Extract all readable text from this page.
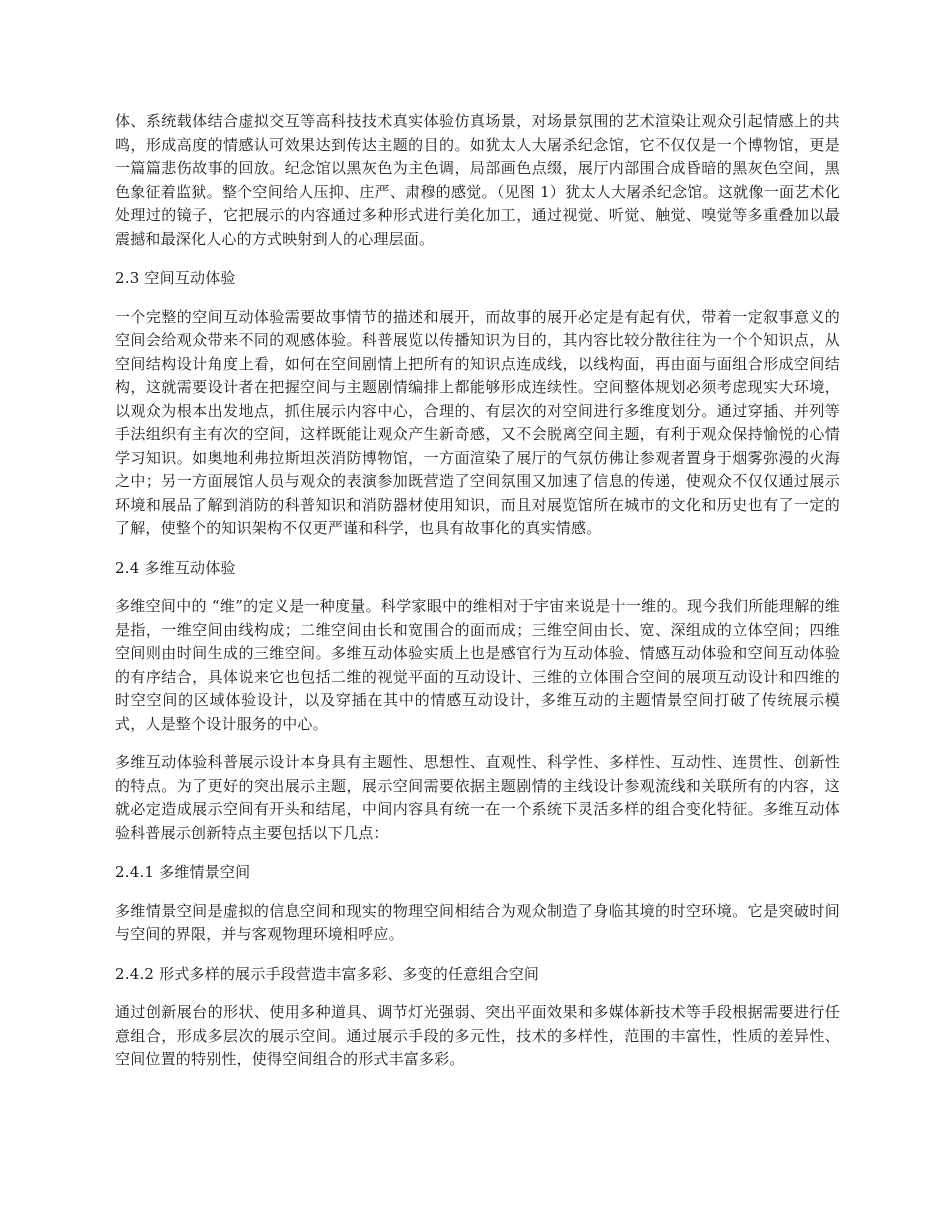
体、系统载体结合虚拟交互等高科技技术真实体验仿真场景，对场景氛围的艺术渲染让观众引起情感上的共鸣，形成高度的情感认可效果达到传达主题的目的。如犹太人大屠杀纪念馆，它不仅仅是一个博物馆，更是一篇篇悲伤故事的回放。纪念馆以黑灰色为主色调，局部画色点缀，展厅内部围合成昏暗的黑灰色空间，黑色象征着监狱。整个空间给人压抑、庄严、肃穆的感觉。（见图 1）犹太人大屠杀纪念馆。这就像一面艺术化处理过的镜子，它把展示的内容通过多种形式进行美化加工，通过视觉、听觉、触觉、嗅觉等多重叠加以最震撼和最深化人心的方式映射到人的心理层面。

2.3 空间互动体验

一个完整的空间互动体验需要故事情节的描述和展开，而故事的展开必定是有起有伏，带着一定叙事意义的空间会给观众带来不同的观感体验。科普展览以传播知识为目的，其内容比较分散往往为一个个知识点，从空间结构设计角度上看，如何在空间剧情上把所有的知识点连成线，以线构面，再由面与面组合形成空间结构，这就需要设计者在把握空间与主题剧情编排上都能够形成连续性。空间整体规划必须考虑现实大环境，以观众为根本出发地点，抓住展示内容中心，合理的、有层次的对空间进行多维度划分。通过穿插、并列等手法组织有主有次的空间，这样既能让观众产生新奇感，又不会脱离空间主题，有利于观众保持愉悦的心情学习知识。如奥地利弗拉斯坦茨消防博物馆，一方面渲染了展厅的气氛仿佛让参观者置身于烟雾弥漫的火海之中；另一方面展馆人员与观众的表演参加既营造了空间氛围又加速了信息的传递，使观众不仅仅通过展示环境和展品了解到消防的科普知识和消防器材使用知识，而且对展览馆所在城市的文化和历史也有了一定的了解，使整个的知识架构不仅更严谨和科学，也具有故事化的真实情感。

2.4 多维互动体验

多维空间中的 “维”的定义是一种度量。科学家眼中的维相对于宇宙来说是十一维的。现今我们所能理解的维是指，一维空间由线构成；二维空间由长和宽围合的面而成；三维空间由长、宽、深组成的立体空间；四维空间则由时间生成的三维空间。多维互动体验实质上也是感官行为互动体验、情感互动体验和空间互动体验的有序结合，具体说来它也包括二维的视觉平面的互动设计、三维的立体围合空间的展项互动设计和四维的时空空间的区域体验设计，以及穿插在其中的情感互动设计，多维互动的主题情景空间打破了传统展示模式，人是整个设计服务的中心。

多维互动体验科普展示设计本身具有主题性、思想性、直观性、科学性、多样性、互动性、连贯性、创新性的特点。为了更好的突出展示主题，展示空间需要依据主题剧情的主线设计参观流线和关联所有的内容，这就必定造成展示空间有开头和结尾，中间内容具有统一在一个系统下灵活多样的组合变化特征。多维互动体验科普展示创新特点主要包括以下几点：

2.4.1 多维情景空间

多维情景空间是虚拟的信息空间和现实的物理空间相结合为观众制造了身临其境的时空环境。它是突破时间与空间的界限，并与客观物理环境相呼应。

2.4.2 形式多样的展示手段营造丰富多彩、多变的任意组合空间

通过创新展台的形状、使用多种道具、调节灯光强弱、突出平面效果和多媒体新技术等手段根据需要进行任意组合，形成多层次的展示空间。通过展示手段的多元性，技术的多样性，范围的丰富性，性质的差异性、空间位置的特别性，使得空间组合的形式丰富多彩。
